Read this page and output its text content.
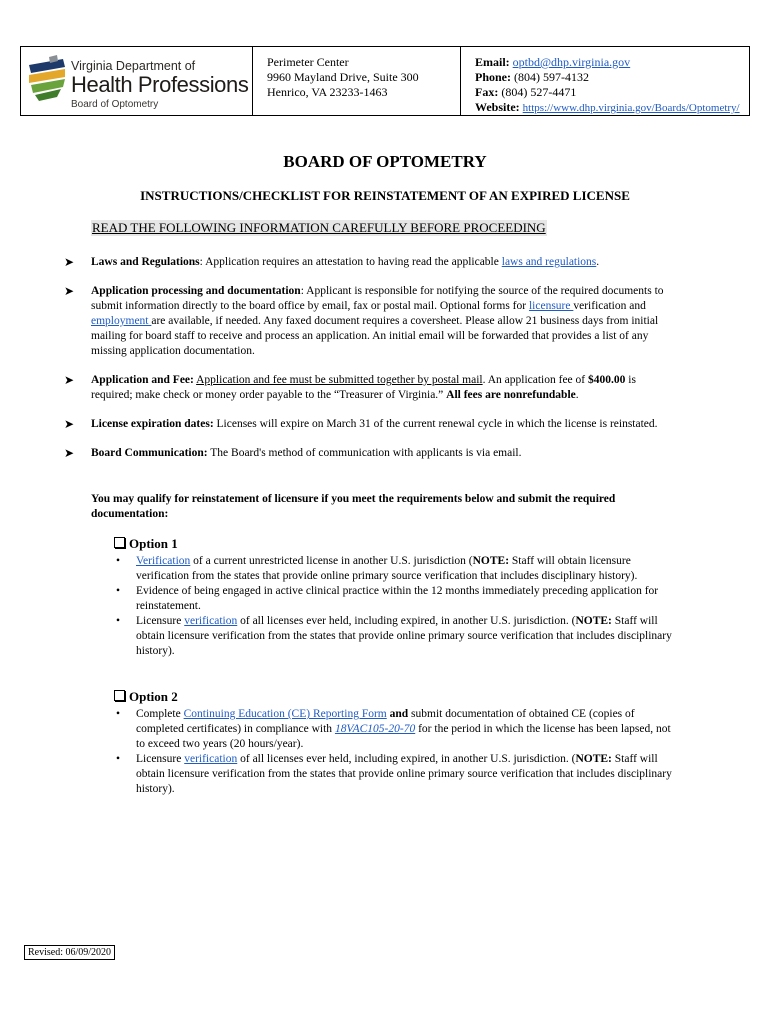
Virginia Department of
Health Professions
Board of Optometry
Perimeter Center
9960 Mayland Drive, Suite 300
Henrico, VA 23233-1463
Email: optbd@dhp.virginia.gov
Phone: (804) 597-4132
Fax: (804) 527-4471
Website: https://www.dhp.virginia.gov/Boards/Optometry/
BOARD OF OPTOMETRY
INSTRUCTIONS/CHECKLIST FOR REINSTATEMENT OF AN EXPIRED LICENSE
READ THE FOLLOWING INFORMATION CAREFULLY BEFORE PROCEEDING
➤ Laws and Regulations: Application requires an attestation to having read the applicable laws and regulations.
➤ Application processing and documentation: Applicant is responsible for notifying the source of the required documents to submit information directly to the board office by email, fax or postal mail. Optional forms for licensure verification and employment are available, if needed. Any faxed document requires a coversheet. Please allow 21 business days from initial mailing for board staff to receive and process an application. An initial email will be forwarded that provides a list of any missing application documentation.
➤ Application and Fee: Application and fee must be submitted together by postal mail. An application fee of $400.00 is required; make check or money order payable to the “Treasurer of Virginia.” All fees are nonrefundable.
➤ License expiration dates: Licenses will expire on March 31 of the current renewal cycle in which the license is reinstated.
➤ Board Communication: The Board's method of communication with applicants is via email.
You may qualify for reinstatement of licensure if you meet the requirements below and submit the required documentation:
Option 1
• Verification of a current unrestricted license in another U.S. jurisdiction (NOTE: Staff will obtain licensure verification from the states that provide online primary source verification that includes disciplinary history).
• Evidence of being engaged in active clinical practice within the 12 months immediately preceding application for reinstatement.
• Licensure verification of all licenses ever held, including expired, in another U.S. jurisdiction. (NOTE: Staff will obtain licensure verification from the states that provide online primary source verification that includes disciplinary history).
Option 2
• Complete Continuing Education (CE) Reporting Form and submit documentation of obtained CE (copies of completed certificates) in compliance with 18VAC105-20-70 for the period in which the license has been lapsed, not to exceed two years (20 hours/year).
• Licensure verification of all licenses ever held, including expired, in another U.S. jurisdiction. (NOTE: Staff will obtain licensure verification from the states that provide online primary source verification that includes disciplinary history).
Revised: 06/09/2020
